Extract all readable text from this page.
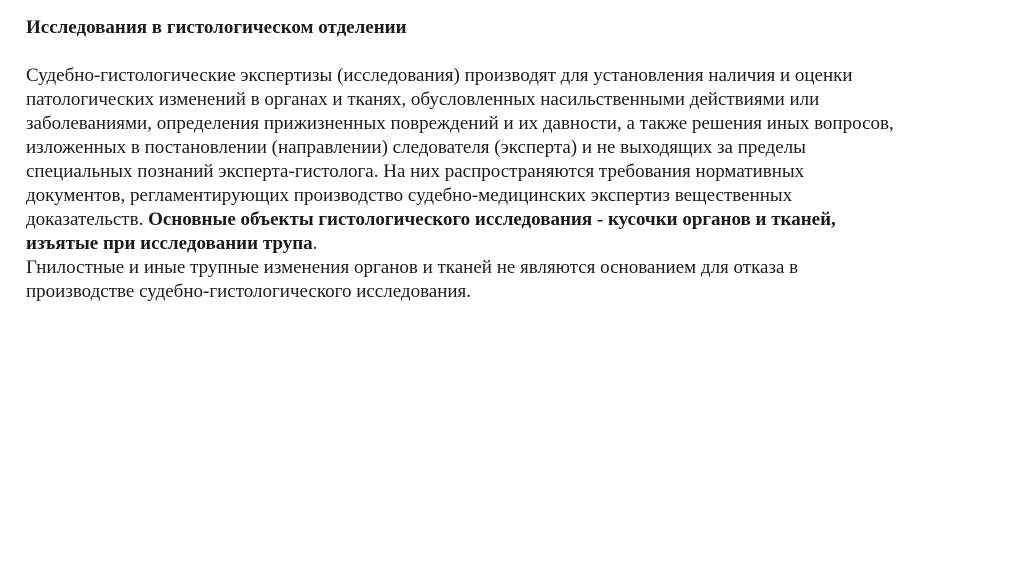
Исследования в гистологическом отделении

Судебно-гистологические экспертизы (исследования) производят для установления наличия и оценки
патологических изменений в органах и тканях, обусловленных насильственными действиями или
заболеваниями, определения прижизненных повреждений и их давности, а также решения иных вопросов,
изложенных в постановлении (направлении) следователя (эксперта) и не выходящих за пределы
специальных познаний эксперта-гистолога. На них распространяются требования нормативных
документов, регламентирующих производство судебно-медицинских экспертиз вещественных
доказательств. Основные объекты гистологического исследования - кусочки органов и тканей,
изъятые при исследовании трупа.

Гнилостные и иные трупные изменения органов и тканей не являются основанием для отказа в
производстве судебно-гистологического исследования.
